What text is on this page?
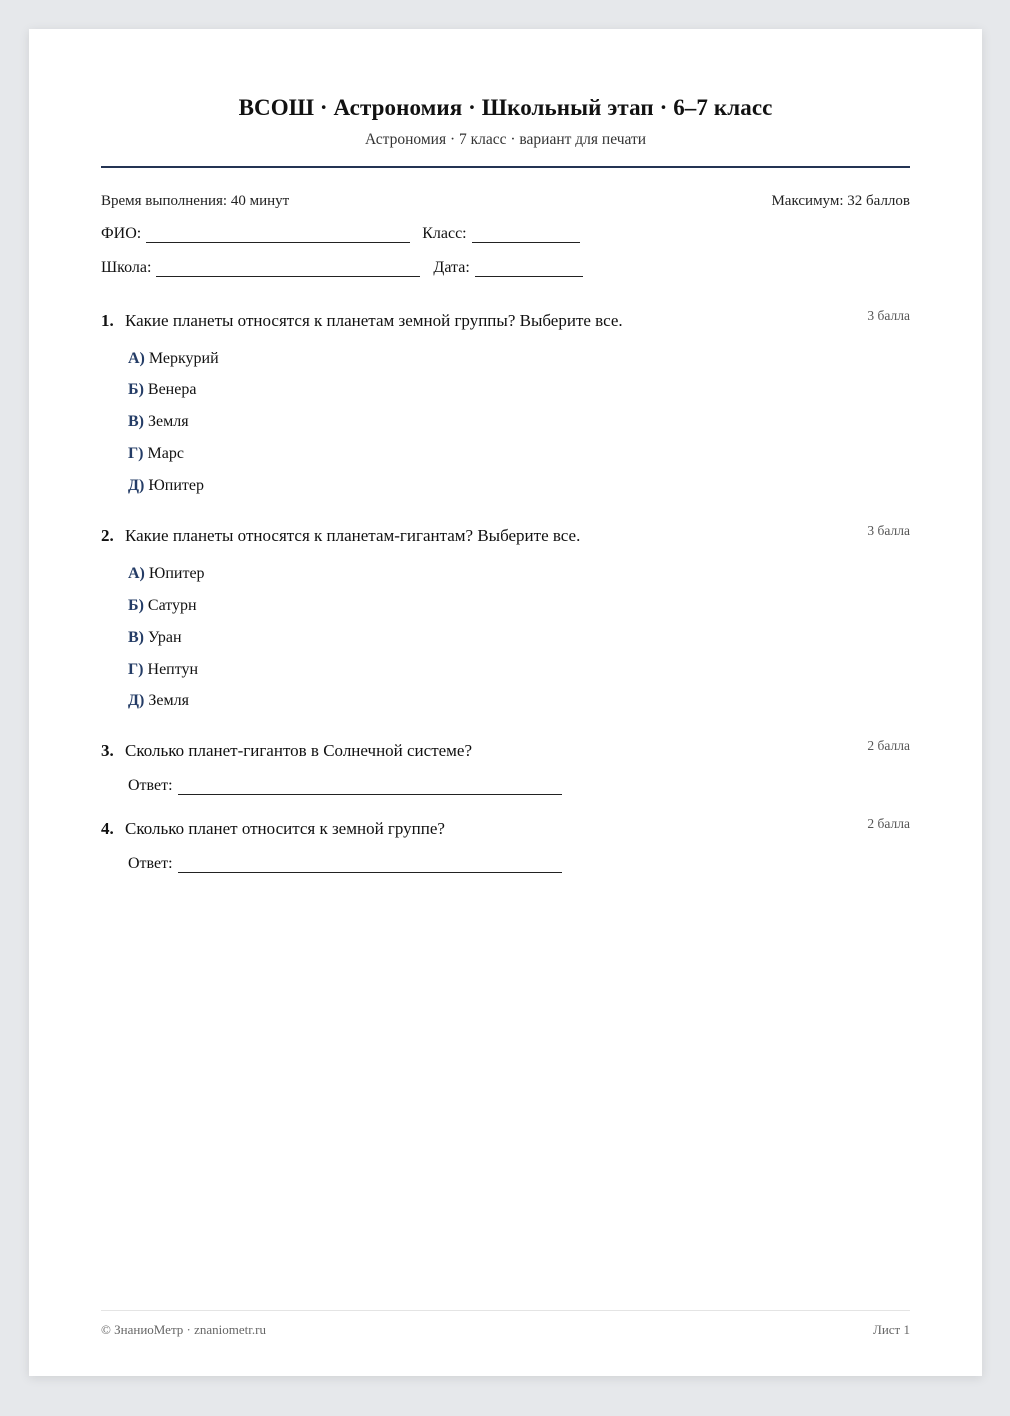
ВСОШ · Астрономия · Школьный этап · 6–7 класс
Астрономия · 7 класс · вариант для печати
Время выполнения: 40 минут	Максимум: 32 баллов
ФИО:	Класс:
Школа:	Дата:
1. Какие планеты относятся к планетам земной группы? Выберите все.	3 балла
А) Меркурий
Б) Венера
В) Земля
Г) Марс
Д) Юпитер
2. Какие планеты относятся к планетам-гигантам? Выберите все.	3 балла
А) Юпитер
Б) Сатурн
В) Уран
Г) Нептун
Д) Земля
3. Сколько планет-гигантов в Солнечной системе?	2 балла
Ответ:
4. Сколько планет относится к земной группе?	2 балла
Ответ:
© ЗнаниоМетр · znaniometr.ru	Лист 1
